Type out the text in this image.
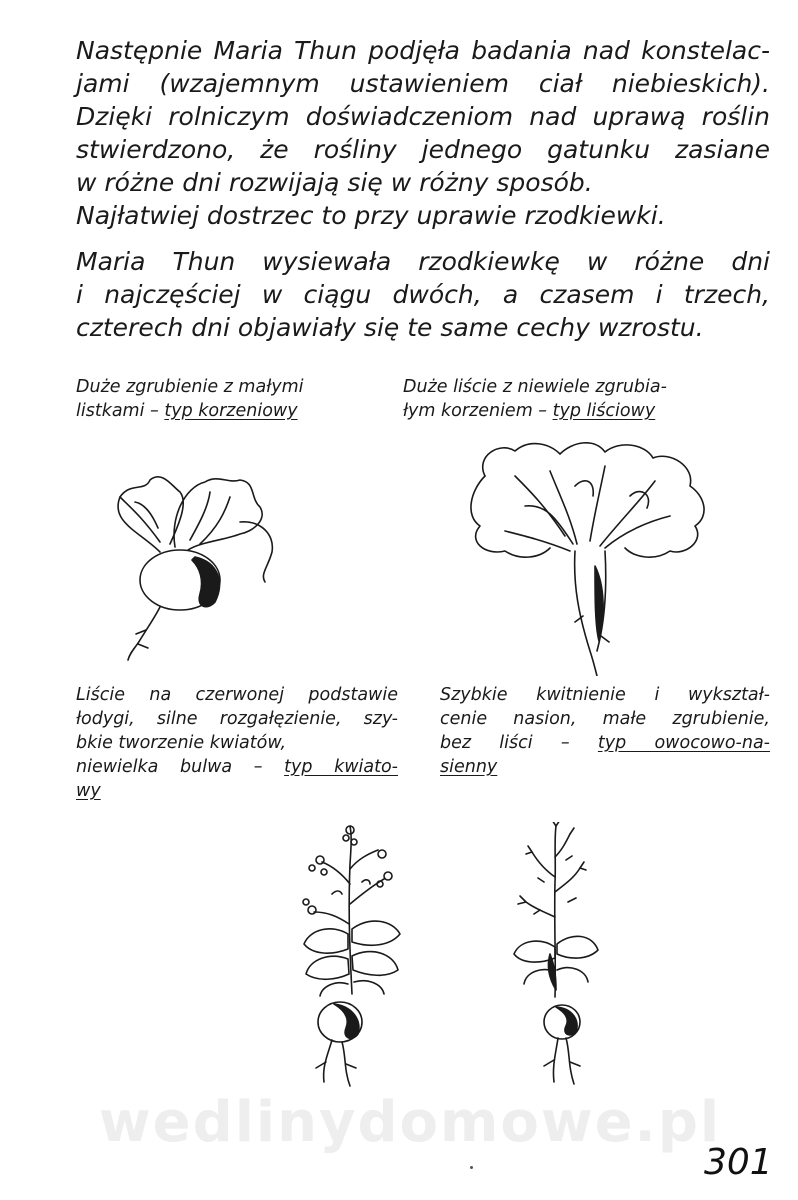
Następnie Maria Thun podjęła badania nad konstelac-
jami (wzajemnym ustawieniem ciał niebieskich).
Dzięki rolniczym doświadczeniom nad uprawą roślin
stwierdzono, że rośliny jednego gatunku zasiane
w różne dni rozwijają się w różny sposób.
Najłatwiej dostrzec to przy uprawie rzodkiewki.

Maria Thun wysiewała rzodkiewkę w różne dni
i najczęściej w ciągu dwóch, a czasem i trzech,
czterech dni objawiały się te same cechy wzrostu.

Duże zgrubienie z małymi
listkami – typ korzeniowy
Duże liście z niewiele zgrubia-
łym korzeniem – typ liściowy
Liście na czerwonej podstawie
łodygi, silne rozgałęzienie, szy-
bkie tworzenie kwiatów,
niewielka bulwa – typ kwiato-
wy
Szybkie kwitnienie i wykształ-
cenie nasion, małe zgrubienie,
bez liści – typ owocowo-na-
sienny
wedlinydomowe.pl
301
